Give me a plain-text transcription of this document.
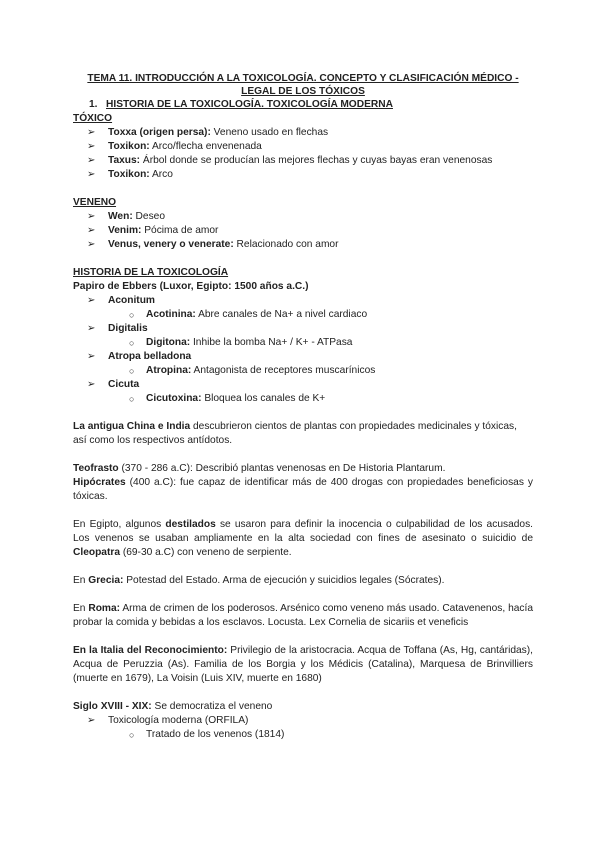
TEMA 11. INTRODUCCIÓN A LA TOXICOLOGÍA. CONCEPTO Y CLASIFICACIÓN MÉDICO -
LEGAL DE LOS TÓXICOS
1. HISTORIA DE LA TOXICOLOGÍA. TOXICOLOGÍA MODERNA
TÓXICO
➢ Toxxa (origen persa): Veneno usado en flechas
➢ Toxikon: Arco/flecha envenenada
➢ Taxus: Árbol donde se producían las mejores flechas y cuyas bayas eran venenosas
➢ Toxikon: Arco
VENENO
➢ Wen: Deseo
➢ Venim: Pócima de amor
➢ Venus, venery o venerate: Relacionado con amor
HISTORIA DE LA TOXICOLOGÍA
Papiro de Ebbers (Luxor, Egipto: 1500 años a.C.)
➢ Aconitum
○ Acotinina: Abre canales de Na+ a nivel cardiaco
➢ Digitalis
○ Digitona: Inhibe la bomba Na+ / K+ - ATPasa
➢ Atropa belladona
○ Atropina: Antagonista de receptores muscarínicos
➢ Cicuta
○ Cicutoxina: Bloquea los canales de K+

La antigua China e India descubrieron cientos de plantas con propiedades medicinales y tóxicas, así como los respectivos antídotos.

Teofrasto (370 - 286 a.C): Describió plantas venenosas en De Historia Plantarum.

Hipócrates (400 a.C): fue capaz de identificar más de 400 drogas con propiedades beneficiosas y tóxicas.

En Egipto, algunos destilados se usaron para definir la inocencia o culpabilidad de los acusados. Los venenos se usaban ampliamente en la alta sociedad con fines de asesinato o suicidio de Cleopatra (69-30 a.C) con veneno de serpiente.

En Grecia: Potestad del Estado. Arma de ejecución y suicidios legales (Sócrates).

En Roma: Arma de crimen de los poderosos. Arsénico como veneno más usado. Catavenenos, hacía probar la comida y bebidas a los esclavos. Locusta. Lex Cornelia de sicariis et veneficis

En la Italia del Reconocimiento: Privilegio de la aristocracia. Acqua de Toffana (As, Hg, cantáridas), Acqua de Peruzzia (As). Familia de los Borgia y los Médicis (Catalina), Marquesa de Brinvilliers (muerte en 1679), La Voisin (Luis XIV, muerte en 1680)

Siglo XVIII - XIX: Se democratiza el veneno

➢ Toxicología moderna (ORFILA)
○ Tratado de los venenos (1814)
